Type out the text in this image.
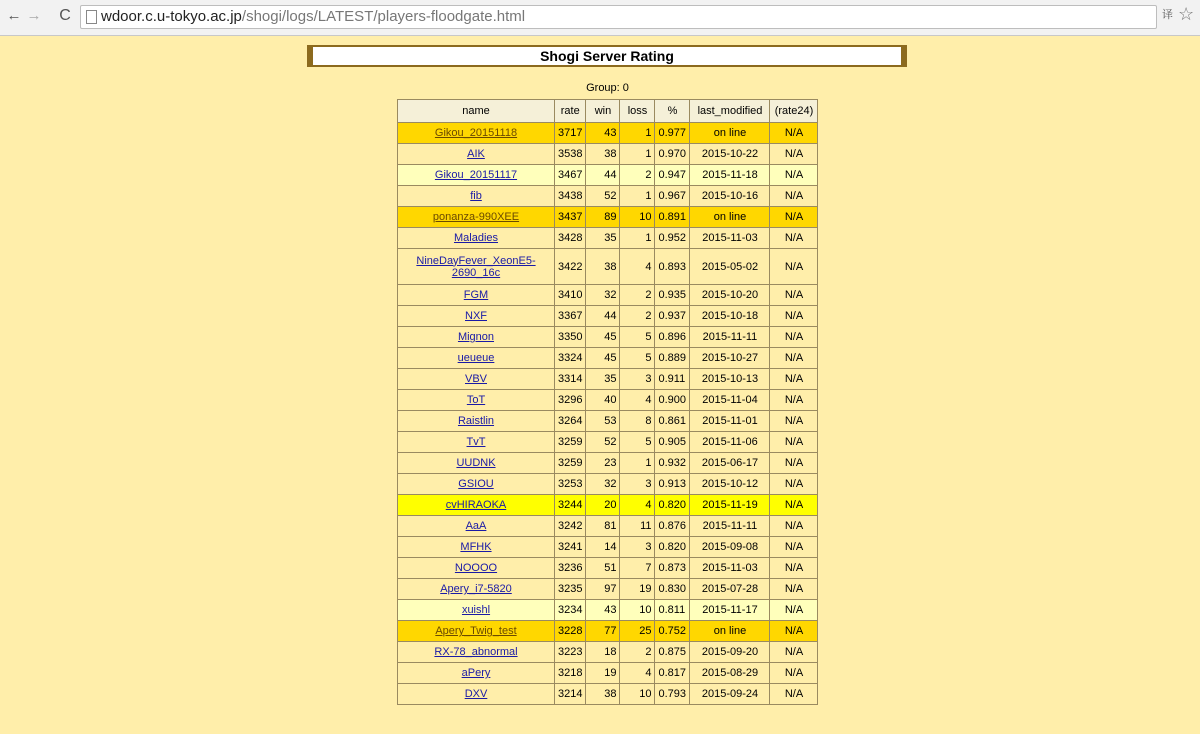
← → C wdoor.c.u-tokyo.ac.jp/shogi/logs/LATEST/players-floodgate.html	译 ☆
Shogi Server Rating
Group: 0
name	rate	win	loss	%	last_modified	(rate24)
Gikou_20151118	3717	43	1	0.977	on line	N/A
AIK	3538	38	1	0.970	2015-10-22	N/A
Gikou_20151117	3467	44	2	0.947	2015-11-18	N/A
fib	3438	52	1	0.967	2015-10-16	N/A
ponanza-990XEE	3437	89	10	0.891	on line	N/A
Maladies	3428	35	1	0.952	2015-11-03	N/A
NineDayFever_XeonE5-2690_16c	3422	38	4	0.893	2015-05-02	N/A
FGM	3410	32	2	0.935	2015-10-20	N/A
NXF	3367	44	2	0.937	2015-10-18	N/A
Mignon	3350	45	5	0.896	2015-11-11	N/A
ueueue	3324	45	5	0.889	2015-10-27	N/A
VBV	3314	35	3	0.911	2015-10-13	N/A
ToT	3296	40	4	0.900	2015-11-04	N/A
Raistlin	3264	53	8	0.861	2015-11-01	N/A
TvT	3259	52	5	0.905	2015-11-06	N/A
UUDNK	3259	23	1	0.932	2015-06-17	N/A
GSIOU	3253	32	3	0.913	2015-10-12	N/A
cvHIRAOKA	3244	20	4	0.820	2015-11-19	N/A
AaA	3242	81	11	0.876	2015-11-11	N/A
MFHK	3241	14	3	0.820	2015-09-08	N/A
NOOOO	3236	51	7	0.873	2015-11-03	N/A
Apery_i7-5820	3235	97	19	0.830	2015-07-28	N/A
xuishl	3234	43	10	0.811	2015-11-17	N/A
Apery_Twig_test	3228	77	25	0.752	on line	N/A
RX-78_abnormal	3223	18	2	0.875	2015-09-20	N/A
aPery	3218	19	4	0.817	2015-08-29	N/A
DXV	3214	38	10	0.793	2015-09-24	N/A
